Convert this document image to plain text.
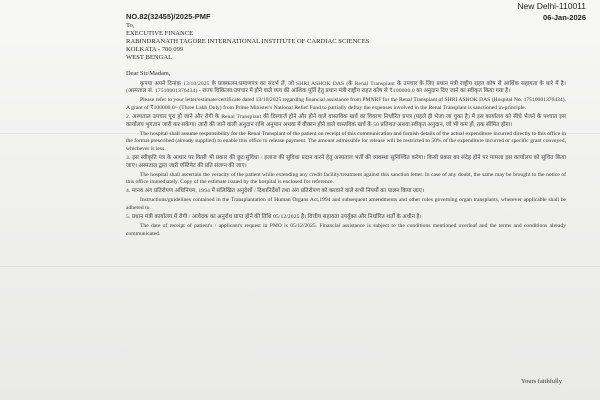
New Delhi-110011
06-Jan-2026
NO.82(32455)/2025-PMF
To,
EXECUTIVE FINANCE
RABINDRANATH TAGORE INTERNATIONAL INSTITUTE OF CARDIAC SCIENCES
KOLKATA - 700 099
WEST BENGAL

Dear Sir/Madam,

कृपया अपने दिनांक 13/10/2025 के प्राक्कलन/प्रमाणपत्र का संदर्भ लें, जो SHRI ASHOK DAS (के Renal Transplant के उपचार के लिए प्रधान मंत्री राष्ट्रीय राहत कोष से आर्थिक सहायता के बारे में है। (अस्पताल सं. 17510001376434) - राज्य चिकित्सा/उपचार में होने वाले व्यय की आंशिक पूर्ति हेतु प्रधान मंत्री राष्ट्रीय राहत कोष से ₹100000.0 का अनुदान दिए जाने का स्वीकृत किया गया है।

Please refer to your letter/estimate/certificate dated 13/10/2025 regarding financial assistance from PMNRF for the Renal Transplant of SHRI ASHOK DAS (Hospital No. 17510001376434). A grant of ₹100000.0/- (Three Lakh Only) from Prime Minister's National Relief Fund to partially defray the expenses involved in the Renal Transplant is sanctioned in-principle.

2. अस्पताल उपचार पूरा हो जाने और रोगी के Renal Transplant की डिस्चार्ज होने और होने वाले वास्तविक खर्च का विवरण निर्धारित प्रपत्र (पहले ही भेजा जा चुका है) में इस कार्यालय को सीधे भेजने के पश्चात इस कार्यालय भुगतान जारी कर सकेगा। जारी की जाने वाली अनुदान राशि अनुमान अथवा में वीकान होने वाले वास्तविक खर्च के 50 प्रतिशत अथवा स्वीकृत अनुदान, जो भी कम हो, तक सीमित होगा।

The hospital shall assume responsibility for the Renal Transplant of the patient on receipt of this communication and furnish details of the actual expenditure incurred directly to this office in the format prescribed (already supplied) to enable this office to release payment. The amount admissible for release will be restricted to 50% of the expenditure incurred or specific grant conveyed, whichever is less.

3. इस स्वीकृति पत्र के आधार पर किसी भी प्रकार की छूट/सुविधा / इलाज की सुविधा प्रदान करने हेतु अस्पताल भर्ती की व्यवस्था सुनिश्चित करेगा। किसी प्रकार का संदेह होने पर मामला इस कार्यालय को सूचित किया जाए। अस्पताल द्वारा जारी एस्टिमेट की प्रति संलग्न की जाए।

The hospital shall ascertain the veracity of the patient while extending any credit facility/treatment against this sanction letter. In case of any doubt, the same may be brought to the notice of this office immediately. Copy of the estimate issued by the hospital is enclosed for reference.

4. मानव अंग प्रतिरोपण अधिनियम, 1994 में संलिखित अनुदेशों / दिशानिर्देशों तथा अंग प्रतिरोपण को करवाने वाले सभी नियमों का पालन किया जाए।

Instructions/guidelines contained in the Transplantation of Human Organs Act,1994 and subsequent amendments and other rules governing organ transplants, wherever applicable shall be adhered to.

5. प्रधान मंत्री कार्यालय में रोगी / आवेदक का अनुरोध प्राप्त होने की तिथि 05/12/2025 है। वित्तीय सहायता उपर्युक्त और निर्धारित शर्तों के अधीन है।

The date of receipt of patient's / applicant's request in PMO is 05/12/2025. Financial assistance is subject to the conditions mentioned overleaf and the terms and conditions already communicated.

Yours faithfully
